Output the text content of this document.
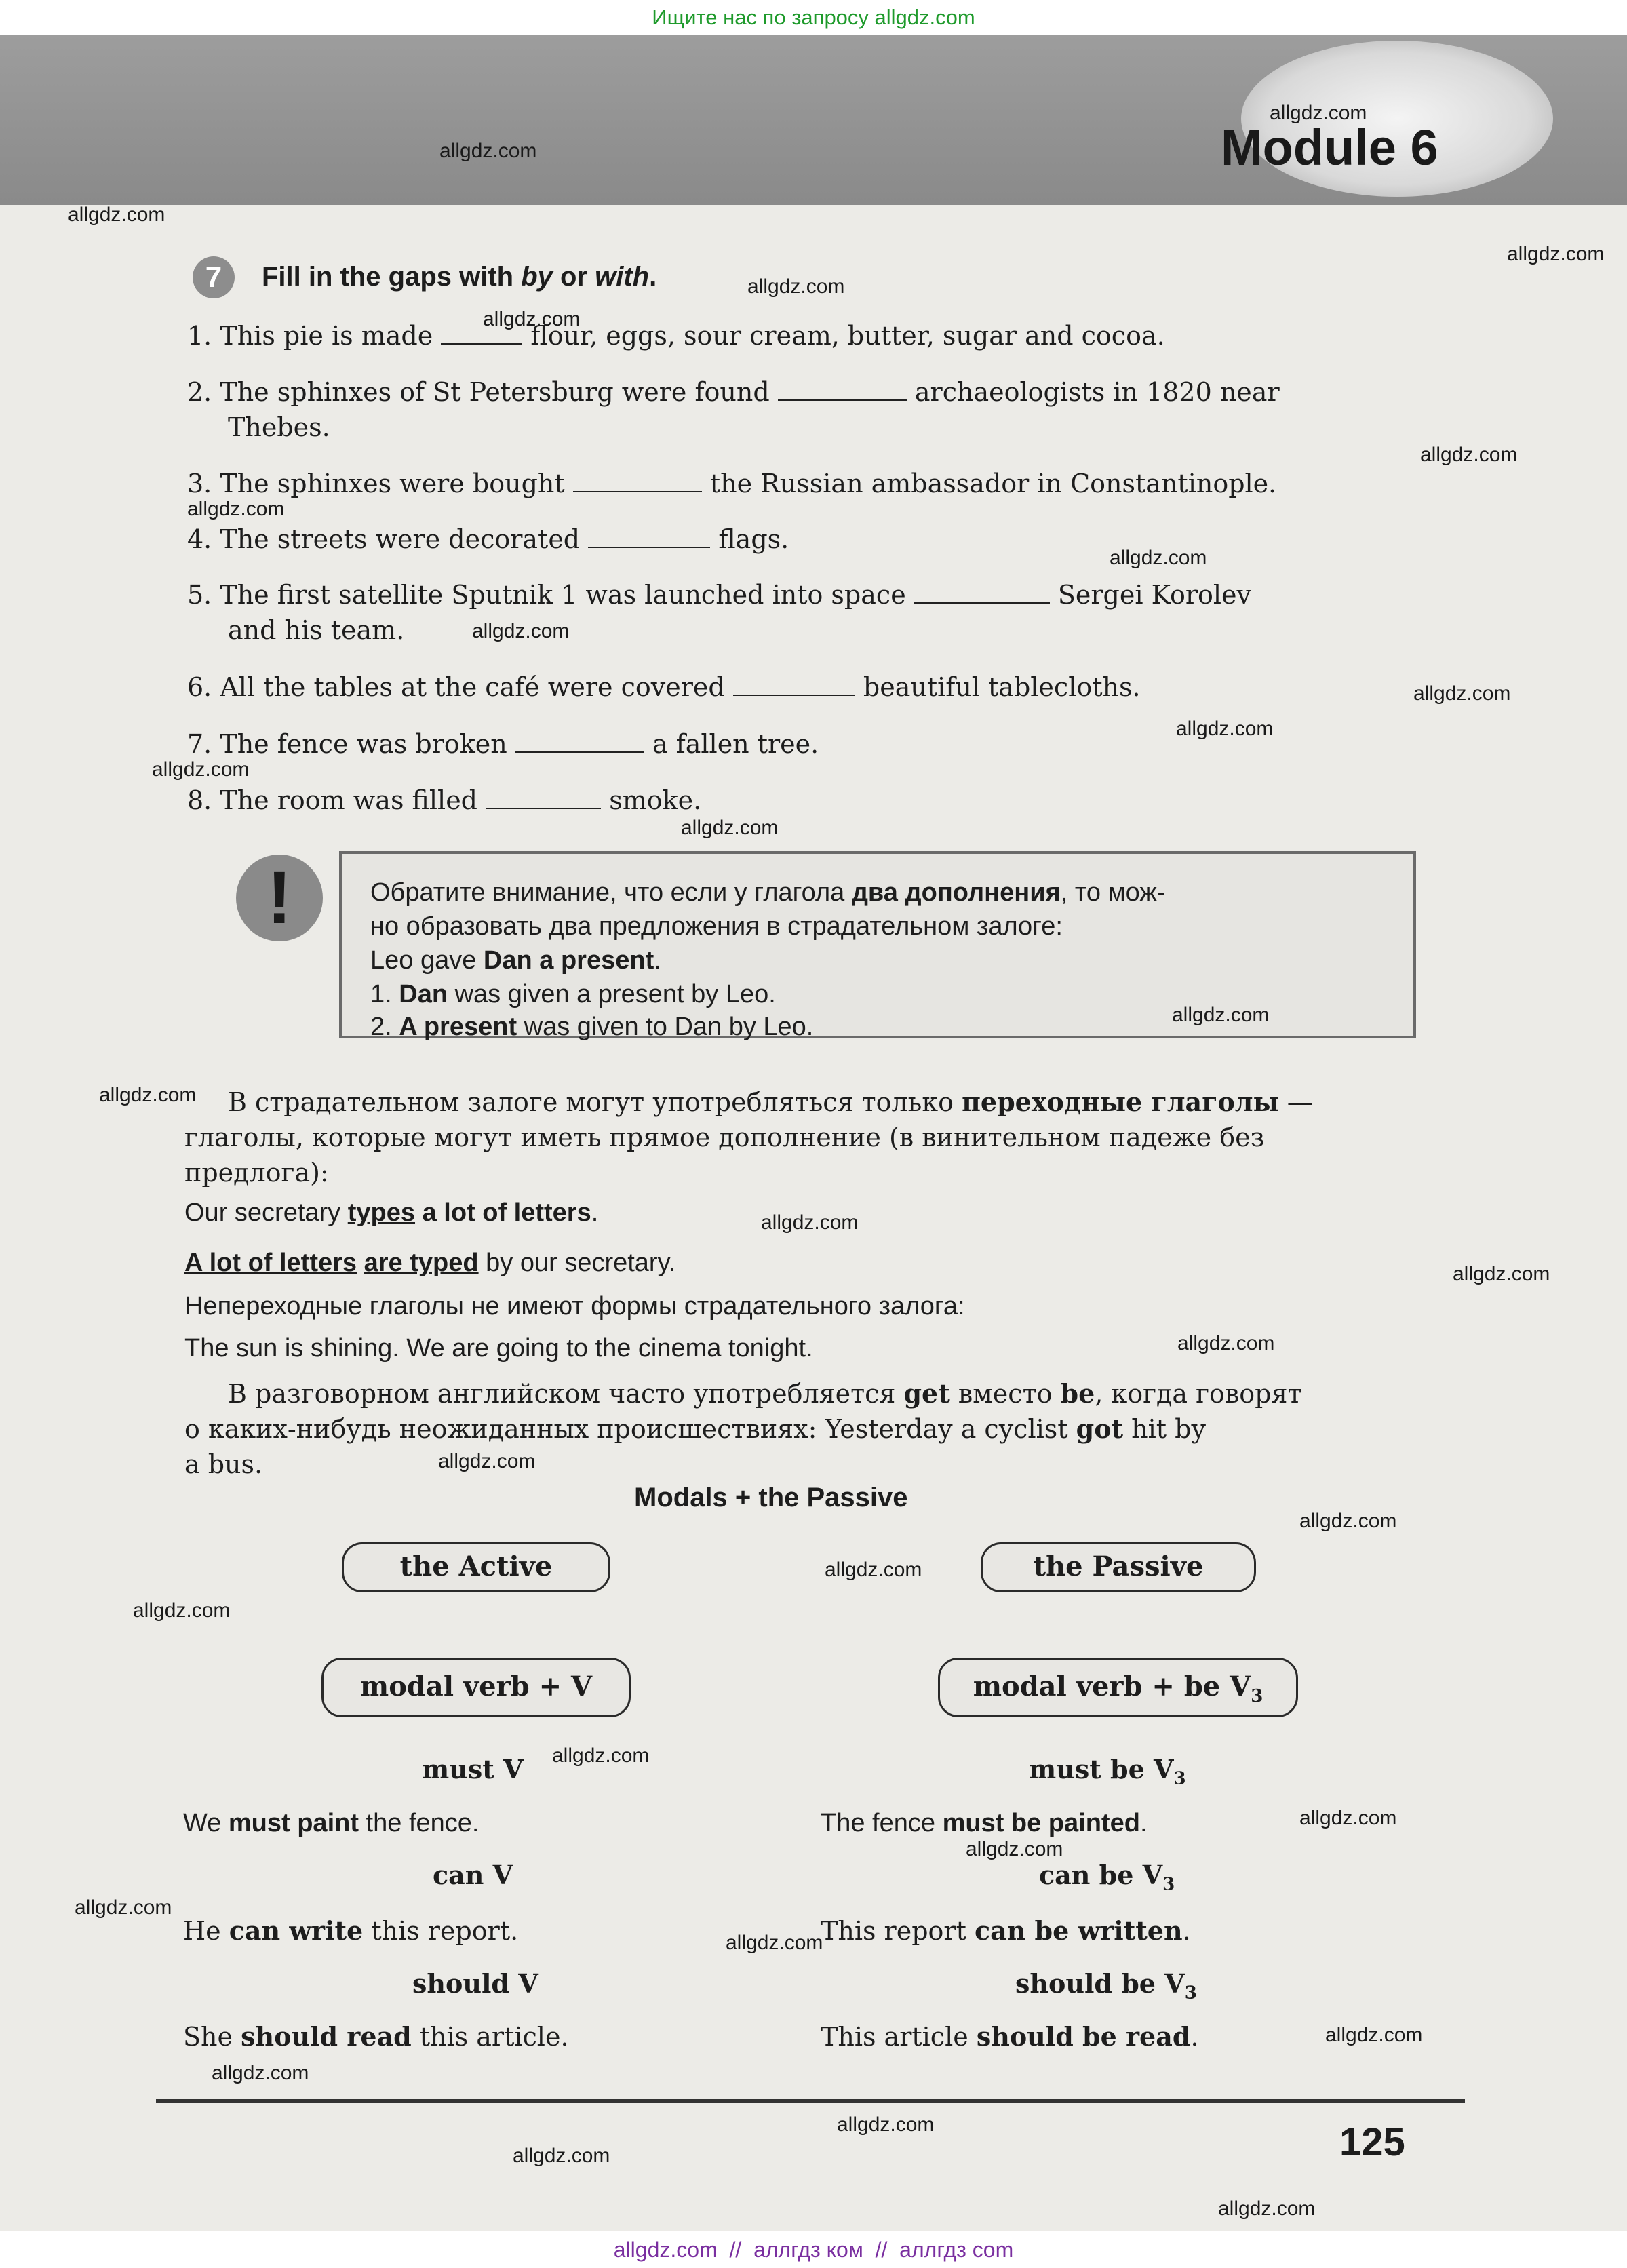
Ищите нас по запросу allgdz.com
Module 6
7	Fill in the gaps with by or with.
1. This pie is made	flour, eggs, sour cream, butter, sugar and cocoa.
2. The sphinxes of St Petersburg were found	archaeologists in 1820 near
Thebes.
3. The sphinxes were bought	the Russian ambassador in Constantinople.
4. The streets were decorated	flags.
5. The first satellite Sputnik 1 was launched into space	Sergei Korolev
and his team.
6. All the tables at the café were covered	beautiful tablecloths.
7. The fence was broken	a fallen tree.
8. The room was filled	smoke.
!	Обратите внимание, что если у глагола два дополнения, то мож-
но образовать два предложения в страдательном залоге:
Leo gave Dan a present.
1. Dan was given a present by Leo.
2. A present was given to Dan by Leo.
В страдательном залоге могут употребляться только переходные глаголы —
глаголы, которые могут иметь прямое дополнение (в винительном падеже без
предлога):
Our secretary types a lot of letters.
A lot of letters are typed by our secretary.
Непереходные глаголы не имеют формы страдательного залога:
The sun is shining. We are going to the cinema tonight.
В разговорном английском часто употребляется get вместо be, когда говорят
о каких-нибудь неожиданных происшествиях: Yesterday a cyclist got hit by
a bus.
Modals + the Passive
the Active	the Passive
modal verb + V	modal verb + be $V_3$
must V	must be $V_3$
We must paint the fence.	The fence must be painted.
can V	can be $V_3$
He can write this report.	This report can be written.
should V	should be $V_3$
She should read this article.	This article should be read.
125
allgdz.com
allgdz.com
allgdz.com
allgdz.com
allgdz.com
allgdz.com
allgdz.com
allgdz.com
allgdz.com
allgdz.com
allgdz.com
allgdz.com
allgdz.com
allgdz.com
allgdz.com
allgdz.com
allgdz.com
allgdz.com
allgdz.com
allgdz.com
allgdz.com
allgdz.com
allgdz.com
allgdz.com
allgdz.com
allgdz.com
allgdz.com
allgdz.com
allgdz.com
allgdz.com
allgdz.com
allgdz.com
allgdz.com
allgdz.com  //  аллгдз ком  //  аллгдз com
